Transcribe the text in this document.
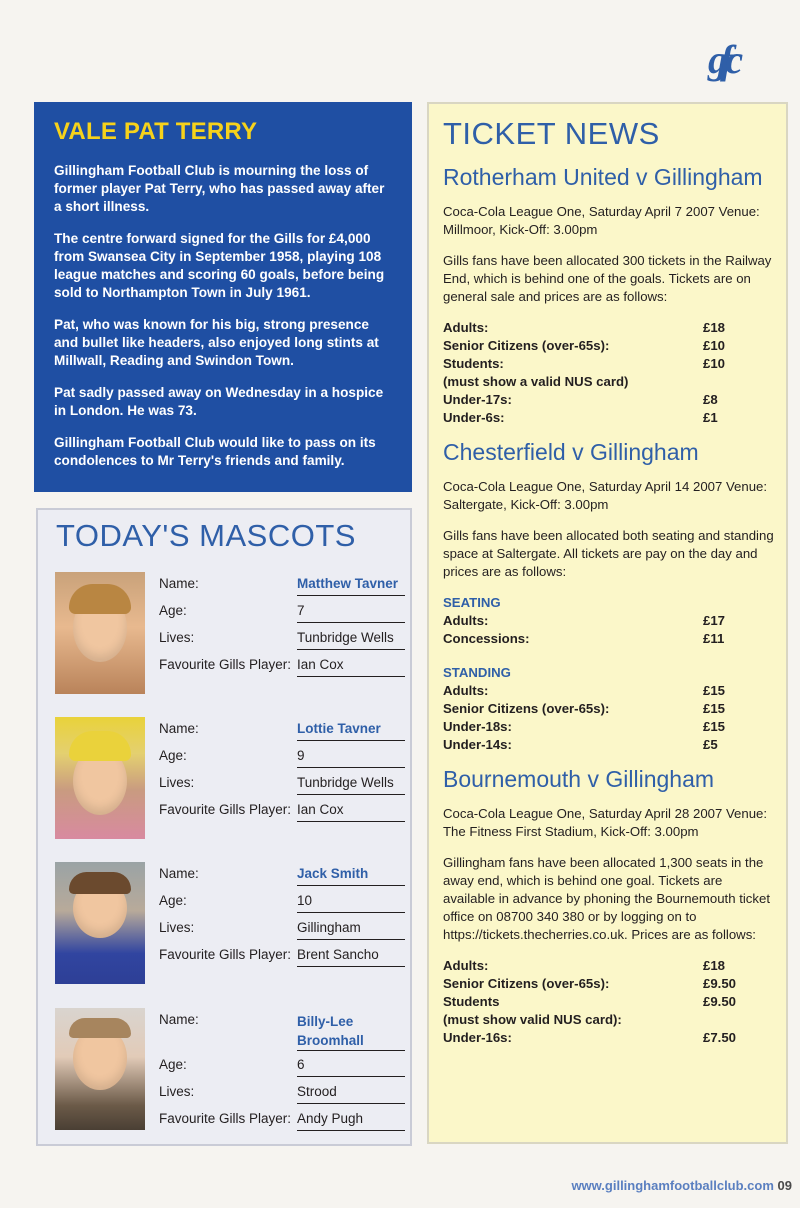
gfc
VALE PAT TERRY

Gillingham Football Club is mourning the loss of former player Pat Terry, who has passed away after a short illness.

The centre forward signed for the Gills for £4,000 from Swansea City in September 1958, playing 108 league matches and scoring 60 goals, before being sold to Northampton Town in July 1961.

Pat, who was known for his big, strong presence and bullet like headers, also enjoyed long stints at Millwall, Reading and Swindon Town.

Pat sadly passed away on Wednesday in a hospice in London. He was 73.

Gillingham Football Club would like to pass on its condolences to Mr Terry's friends and family.

TODAY'S MASCOTS
Name:	Matthew Tavner
Age:	7
Lives:	Tunbridge Wells
Favourite Gills Player: Ian Cox
Name:	Lottie Tavner
Age:	9
Lives:	Tunbridge Wells
Favourite Gills Player: Ian Cox
Name:	Jack Smith
Age:	10
Lives:	Gillingham
Favourite Gills Player: Brent Sancho
Name:	Billy-Lee
Broomhall
Age:	6
Lives:	Strood
Favourite Gills Player: Andy Pugh
TICKET NEWS
Rotherham United v Gillingham

Coca-Cola League One, Saturday April 7 2007 Venue: Millmoor, Kick-Off: 3.00pm

Gills fans have been allocated 300 tickets in the Railway End, which is behind one of the goals. Tickets are on general sale and prices are as follows:

Adults:	£18
Senior Citizens (over-65s):	£10
Students:	£10
(must show a valid NUS card)
Under-17s:	£8
Under-6s:	£1
Chesterfield v Gillingham

Coca-Cola League One, Saturday April 14 2007 Venue: Saltergate, Kick-Off: 3.00pm

Gills fans have been allocated both seating and standing space at Saltergate. All tickets are pay on the day and prices are as follows:

SEATING
Adults:	£17
Concessions:	£11
STANDING
Adults:	£15
Senior Citizens (over-65s):	£15
Under-18s:	£15
Under-14s:	£5
Bournemouth v Gillingham

Coca-Cola League One, Saturday April 28 2007 Venue: The Fitness First Stadium, Kick-Off: 3.00pm

Gillingham fans have been allocated 1,300 seats in the away end, which is behind one goal. Tickets are available in advance by phoning the Bournemouth ticket office on 08700 340 380 or by logging on to https://tickets.thecherries.co.uk. Prices are as follows:

Adults:	£18
Senior Citizens (over-65s):	£9.50
Students	£9.50
(must show valid NUS card):
Under-16s:	£7.50
www.gillinghamfootballclub.com 09
